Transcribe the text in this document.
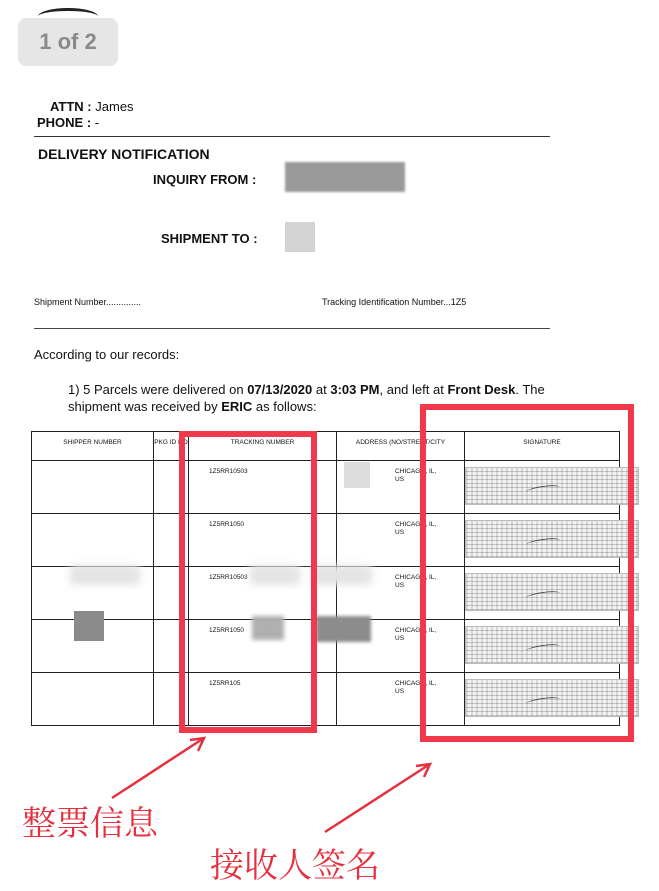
1 of 2
ATTN : James
PHONE : -
DELIVERY NOTIFICATION
INQUIRY FROM :
SHIPMENT TO :
Shipment Number..............	Tracking Identification Number...1Z5
According to our records:
1) 5 Parcels were delivered on 07/13/2020 at 3:03 PM, and left at Front Desk. The
shipment was received by ERIC as follows:
SHIPPER NUMBER	PKG ID NO	TRACKING NUMBER	ADDRESS (NO/STREET/CITY	SIGNATURE

		1Z5RR10503	CHICAGO, IL,
US	

		1Z5RR1050	CHICAGO, IL,
US	

		1Z5RR10503	CHICAGO, IL,
US	

		1Z5RR1050	CHICAGO, IL,
US	

		1Z5RR105	CHICAGO, IL,
US	

整票信息
接收人签名
